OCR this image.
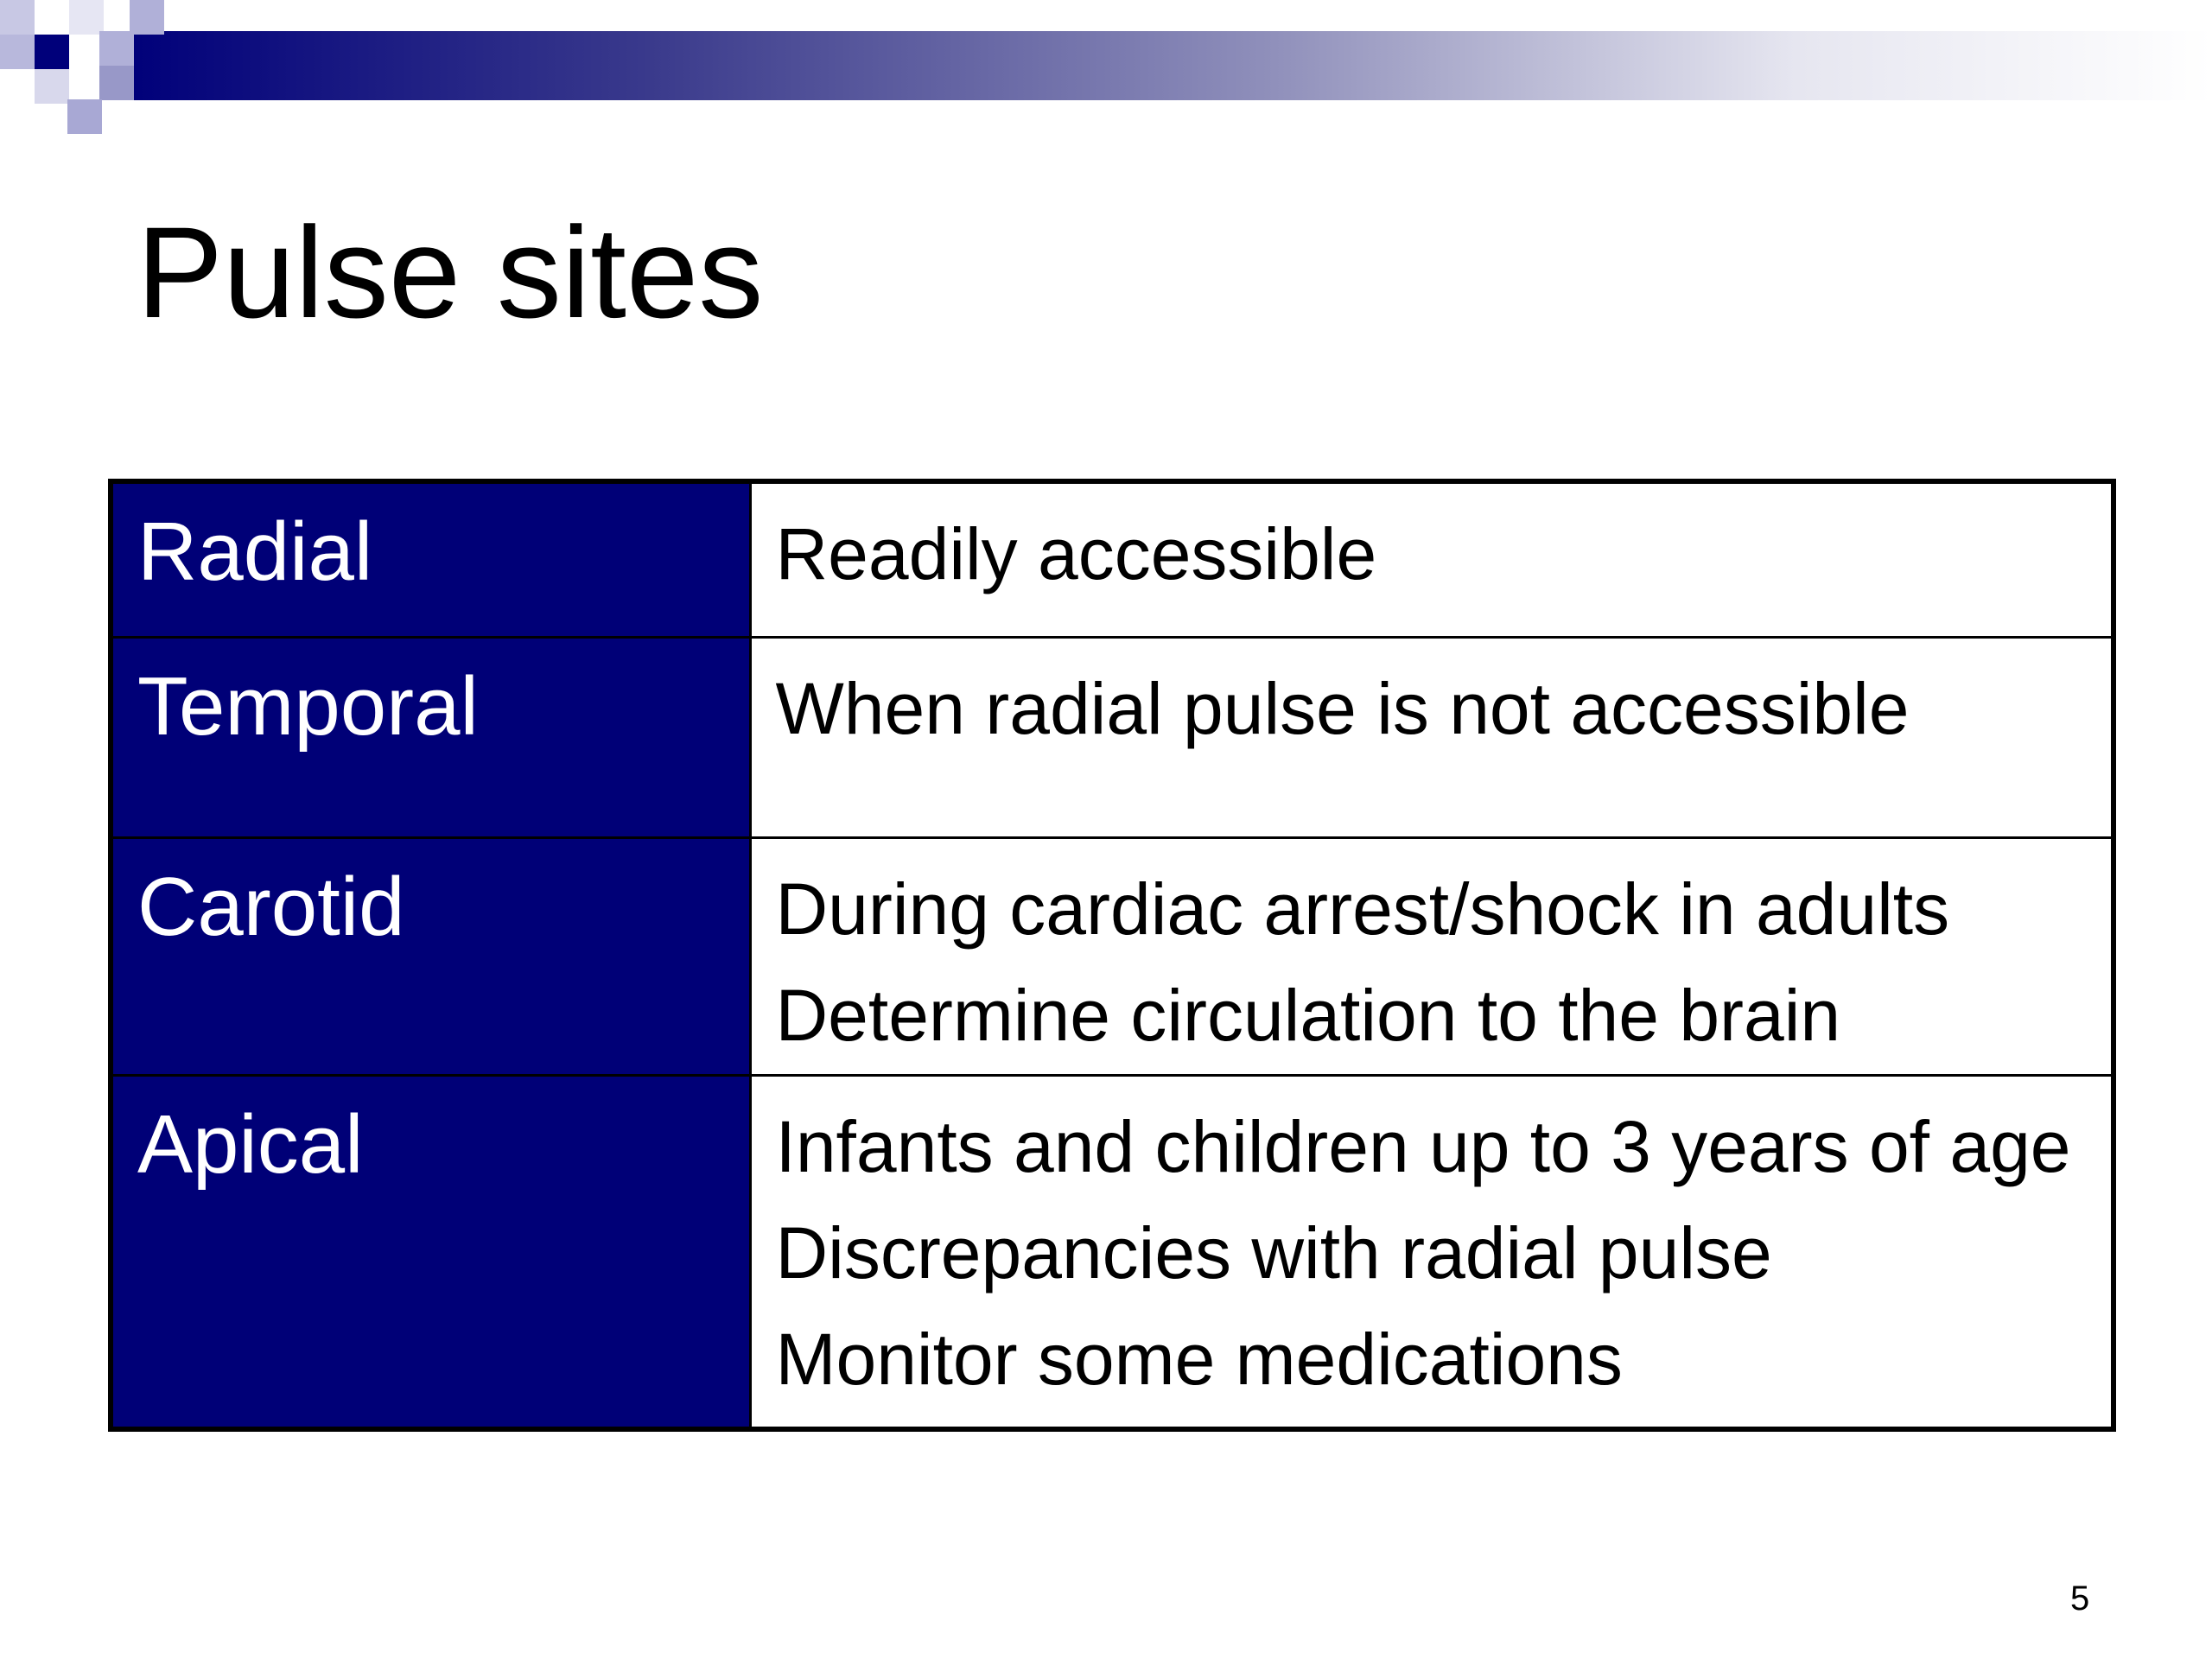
Pulse sites
Radial	Readily accessible

Temporal	When radial pulse is not accessible

Carotid	During cardiac arrest/shock in adults
Determine circulation to the brain

Apical	Infants and children up to 3 years of age
Discrepancies with radial pulse
Monitor some medications
5
